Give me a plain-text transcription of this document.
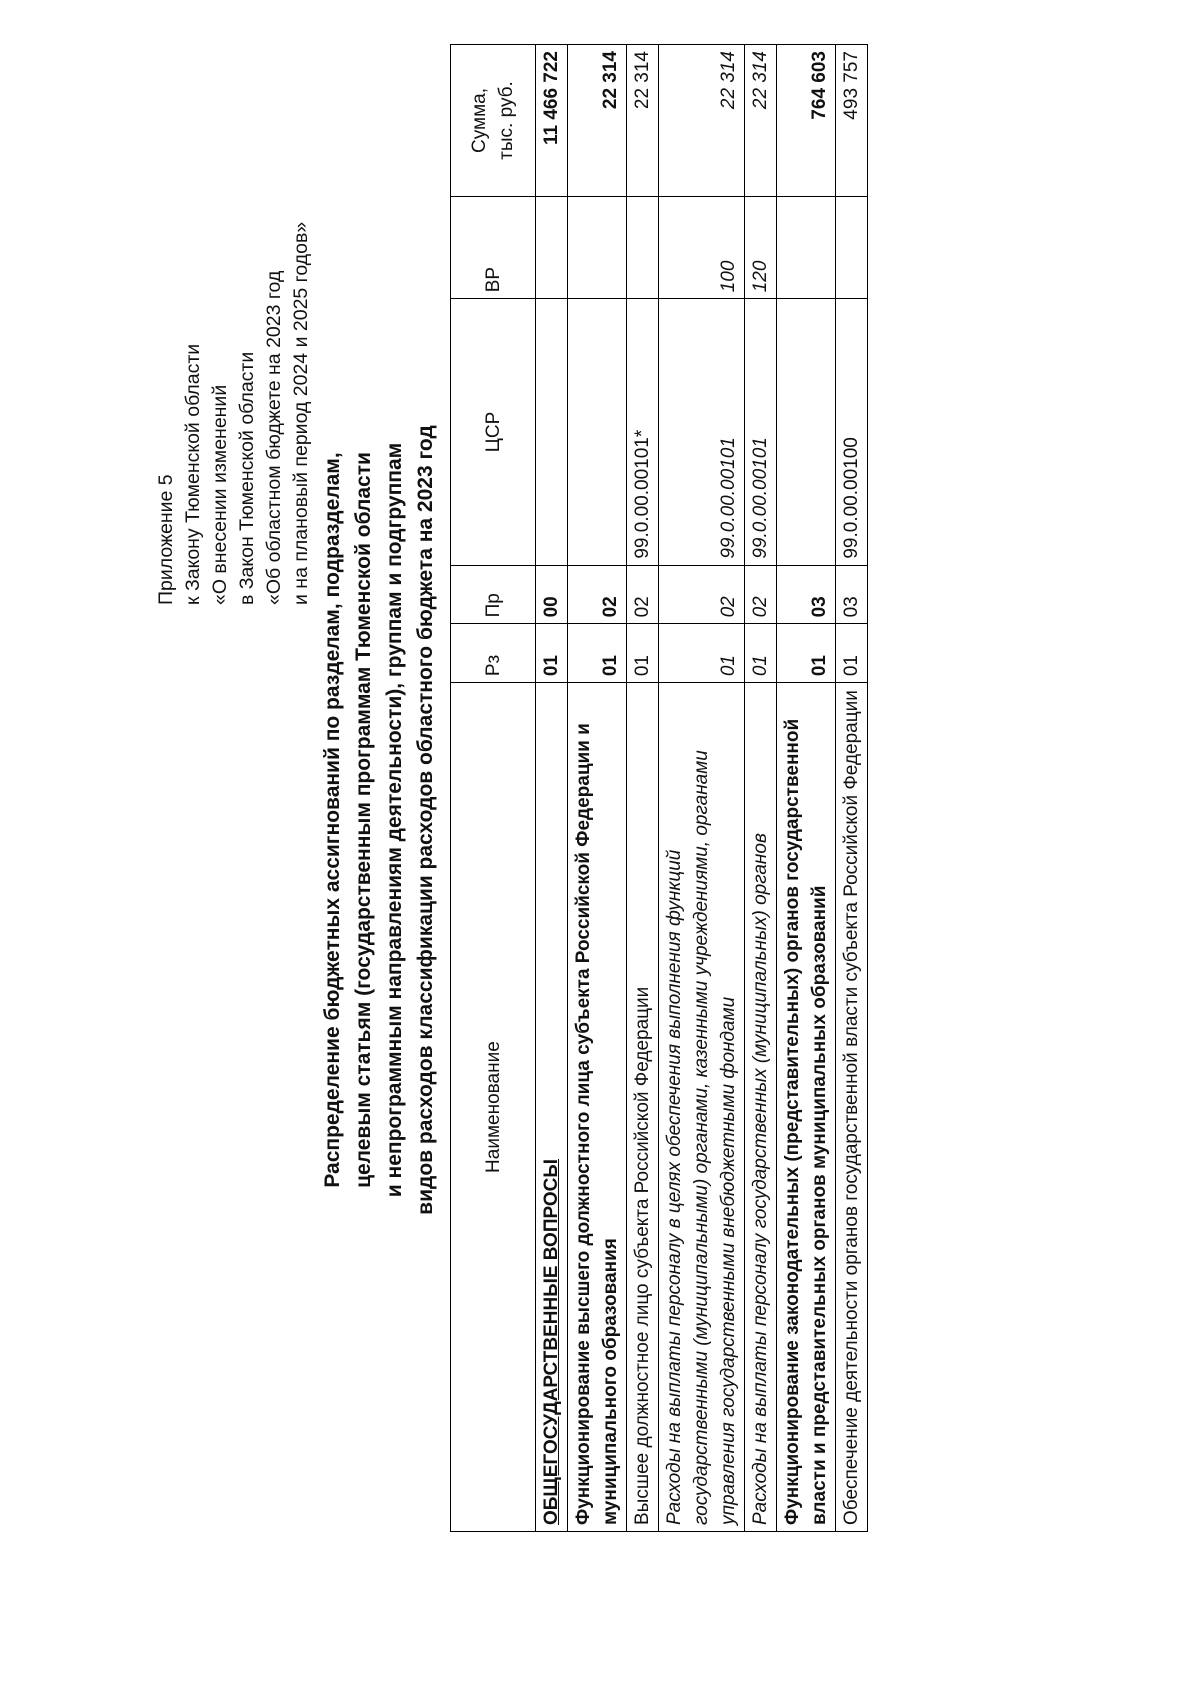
Приложение 5 к Закону Тюменской области «О внесении изменений в Закон Тюменской области «Об областном бюджете на 2023 год и на плановый период 2024 и 2025 годов»
Распределение бюджетных ассигнований по разделам, подразделам, целевым статьям (государственным программам Тюменской области и непрограммным направлениям деятельности), группам и подгруппам видов расходов классификации расходов областного бюджета на 2023 год Наименование	Рз	Пр	ЦСР	ВР	Сумма, тыс. руб.

ОБЩЕГОСУДАРСТВЕННЫЕ ВОПРОСЫ	01	00			11 466 722
Функционирование высшего должностного лица субъекта Российской Федерации и муниципального образования	01	02			22 314
Высшее должностное лицо субъекта Российской Федерации	01	02	99.0.00.00101*		22 314
Расходы на выплаты персоналу в целях обеспечения выполнения функций государственными (муниципальными) органами, казенными учреждениями, органами управления государственными внебюджетными фондами	01	02	99.0.00.00101	100	22 314
Расходы на выплаты персоналу государственных (муниципальных) органов	01	02	99.0.00.00101	120	22 314
Функционирование законодательных (представительных) органов государственной власти и представительных органов муниципальных образований	01	03			764 603
Обеспечение деятельности органов государственной власти субъекта Российской Федерации	01	03	99.0.00.00100		493 757
